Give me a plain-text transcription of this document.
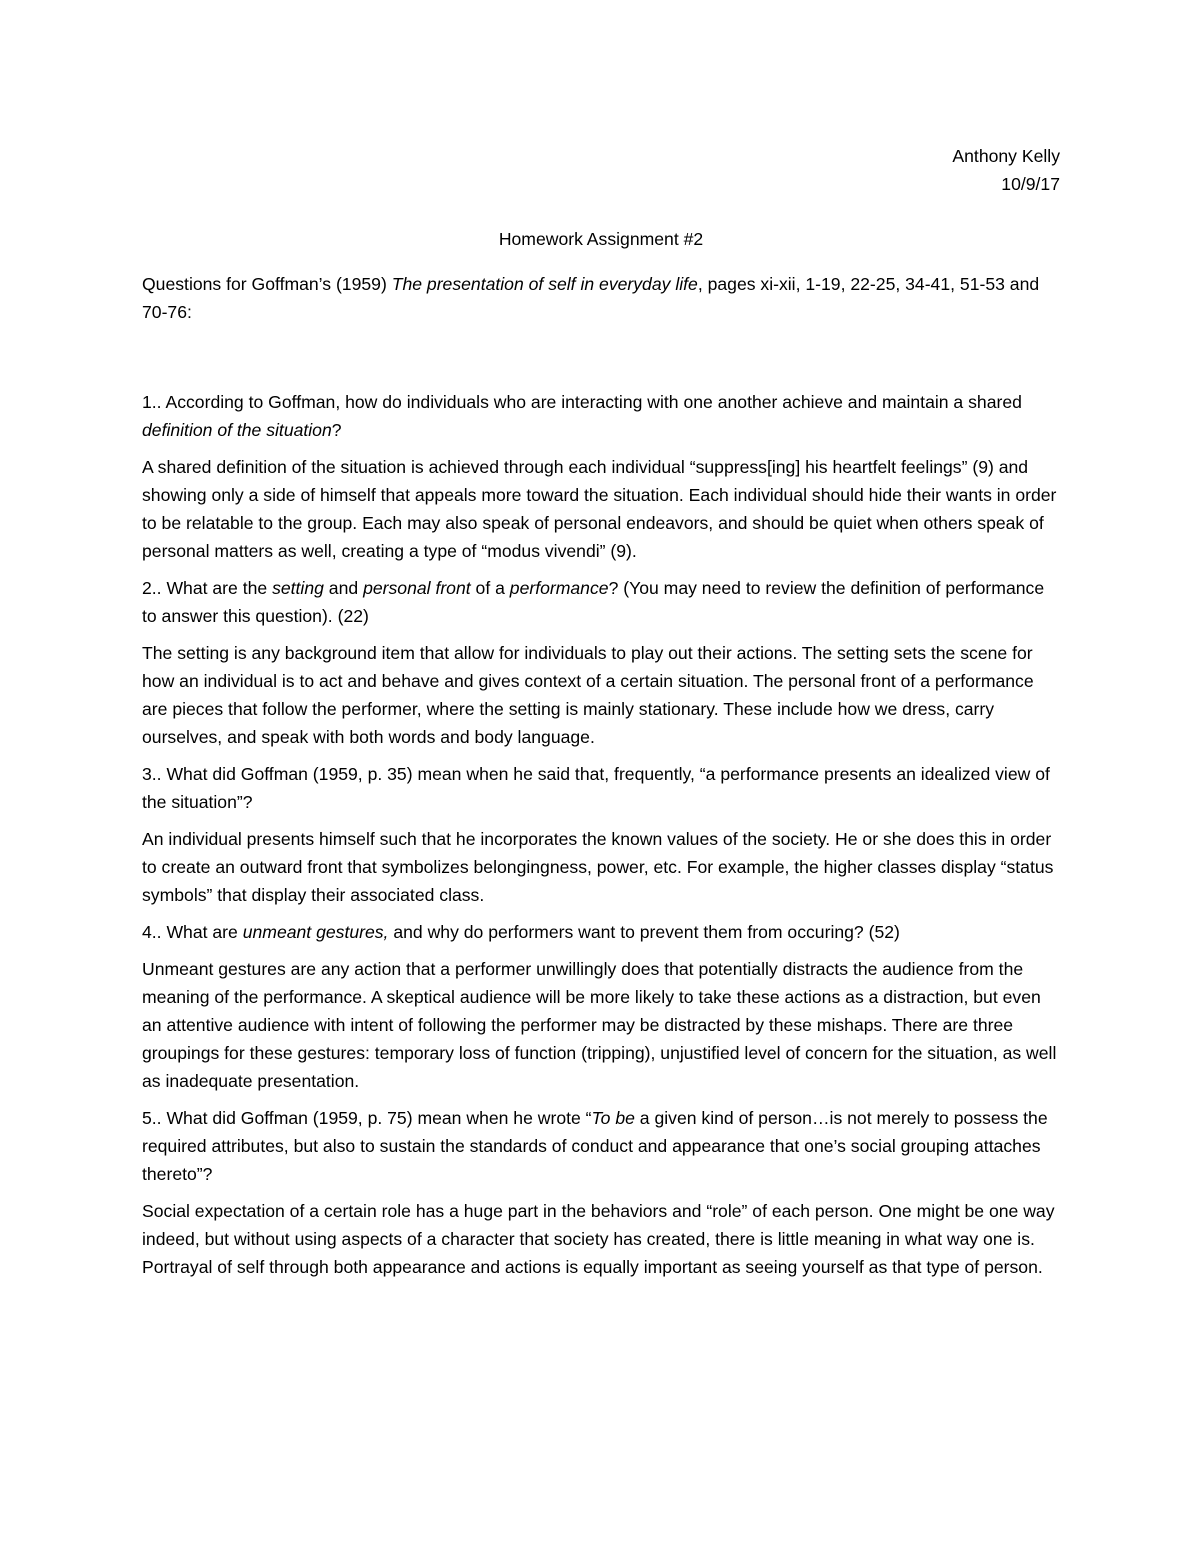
Anthony Kelly

10/9/17

Homework Assignment #2

Questions for Goffman’s (1959) The presentation of self in everyday life, pages xi-xii, 1-19, 22-25, 34-41, 51-53 and 70-76:

1.. According to Goffman, how do individuals who are interacting with one another achieve and maintain a shared definition of the situation?

A shared definition of the situation is achieved through each individual “suppress[ing] his heartfelt feelings” (9) and showing only a side of himself that appeals more toward the situation. Each individual should hide their wants in order to be relatable to the group. Each may also speak of personal endeavors, and should be quiet when others speak of personal matters as well, creating a type of “modus vivendi” (9).

2.. What are the setting and personal front of a performance? (You may need to review the definition of performance to answer this question). (22)

The setting is any background item that allow for individuals to play out their actions. The setting sets the scene for how an individual is to act and behave and gives context of a certain situation. The personal front of a performance are pieces that follow the performer, where the setting is mainly stationary. These include how we dress, carry ourselves, and speak with both words and body language.

3.. What did Goffman (1959, p. 35) mean when he said that, frequently, “a performance presents an idealized view of the situation”?

An individual presents himself such that he incorporates the known values of the society. He or she does this in order to create an outward front that symbolizes belongingness, power, etc. For example, the higher classes display “status symbols” that display their associated class.

4.. What are unmeant gestures, and why do performers want to prevent them from occuring? (52)

Unmeant gestures are any action that a performer unwillingly does that potentially distracts the audience from the meaning of the performance. A skeptical audience will be more likely to take these actions as a distraction, but even an attentive audience with intent of following the performer may be distracted by these mishaps. There are three groupings for these gestures: temporary loss of function (tripping), unjustified level of concern for the situation, as well as inadequate presentation.

5.. What did Goffman (1959, p. 75) mean when he wrote “To be a given kind of person…is not merely to possess the required attributes, but also to sustain the standards of conduct and appearance that one’s social grouping attaches thereto”?

Social expectation of a certain role has a huge part in the behaviors and “role” of each person. One might be one way indeed, but without using aspects of a character that society has created, there is little meaning in what way one is. Portrayal of self through both appearance and actions is equally important as seeing yourself as that type of person.
